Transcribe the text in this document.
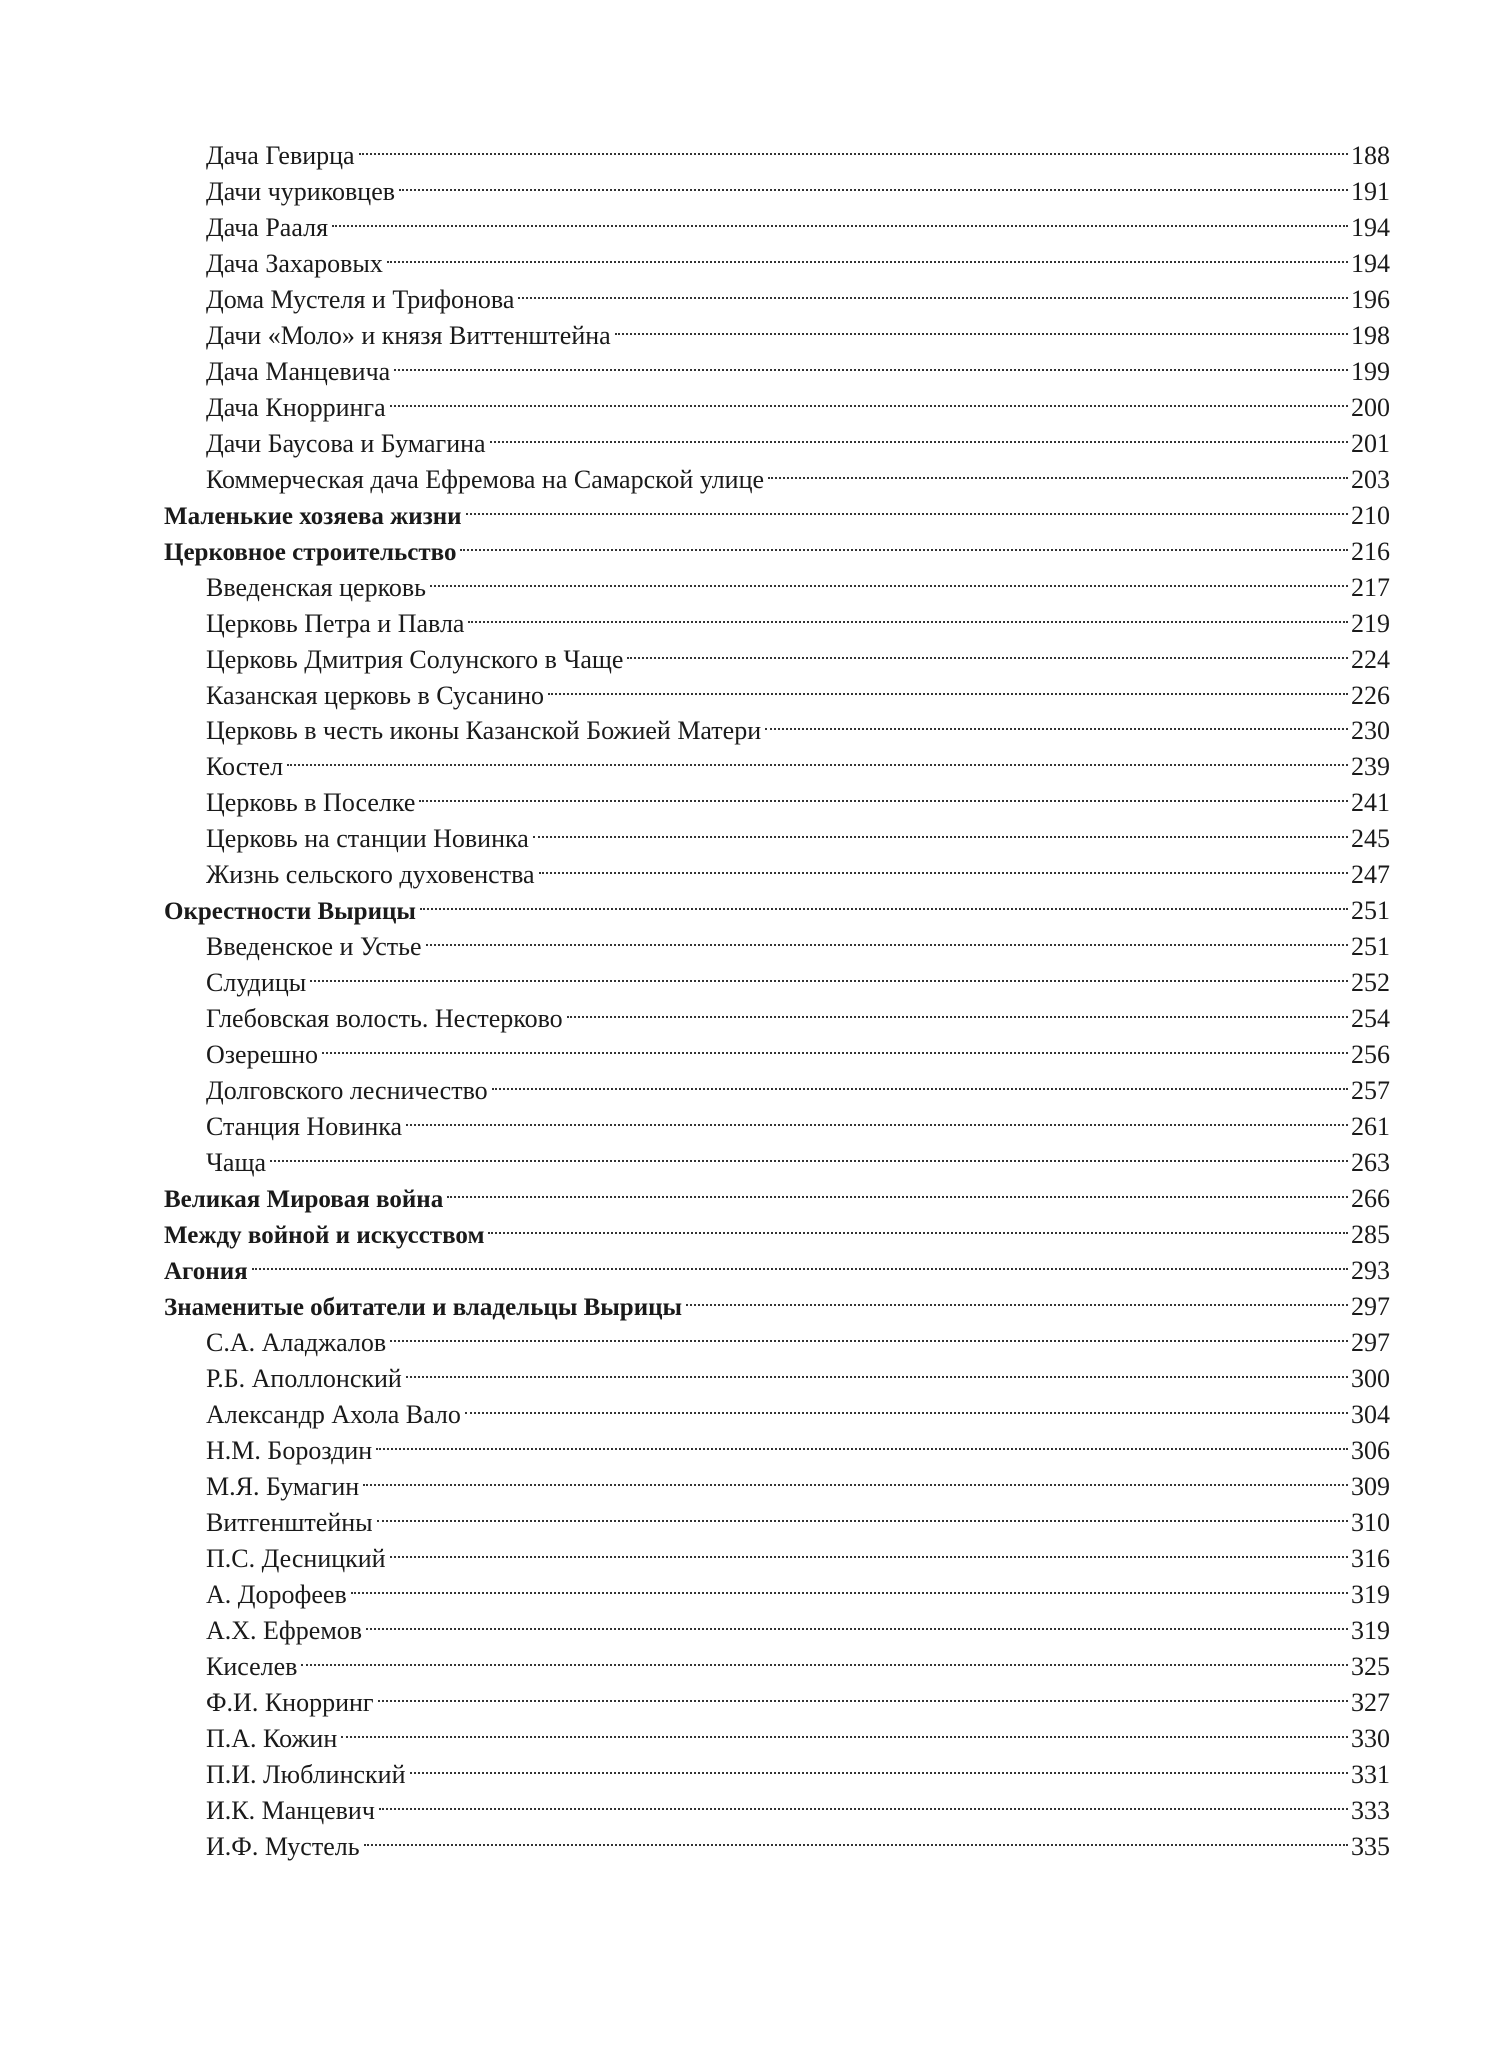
Дача Гевирца	188
Дачи чуриковцев	191
Дача Рааля	194
Дача Захаровых	194
Дома Мустеля и Трифонова	196
Дачи «Моло» и князя Виттенштейна	198
Дача Манцевича	199
Дача Кнорринга	200
Дачи Баусова и Бумагина	201
Коммерческая дача Ефремова на Самарской улице	203
Маленькие хозяева жизни	210
Церковное строительство	216
Введенская церковь	217
Церковь Петра и Павла	219
Церковь Дмитрия Солунского в Чаще	224
Казанская церковь в Сусанино	226
Церковь в честь иконы Казанской Божией Матери	230
Костел	239
Церковь в Поселке	241
Церковь на станции Новинка	245
Жизнь сельского духовенства	247
Окрестности Вырицы	251
Введенское и Устье	251
Слудицы	252
Глебовская волость. Нестерково	254
Озерешно	256
Долговского лесничество	257
Станция Новинка	261
Чаща	263
Великая Мировая война	266
Между войной и искусством	285
Агония	293
Знаменитые обитатели и владельцы Вырицы	297
С.А. Аладжалов	297
Р.Б. Аполлонский	300
Александр Ахола Вало	304
Н.М. Бороздин	306
М.Я. Бумагин	309
Витгенштейны	310
П.С. Десницкий	316
А. Дорофеев	319
А.Х. Ефремов	319
Киселев	325
Ф.И. Кнорринг	327
П.А. Кожин	330
П.И. Люблинский	331
И.К. Манцевич	333
И.Ф. Мустель	335
